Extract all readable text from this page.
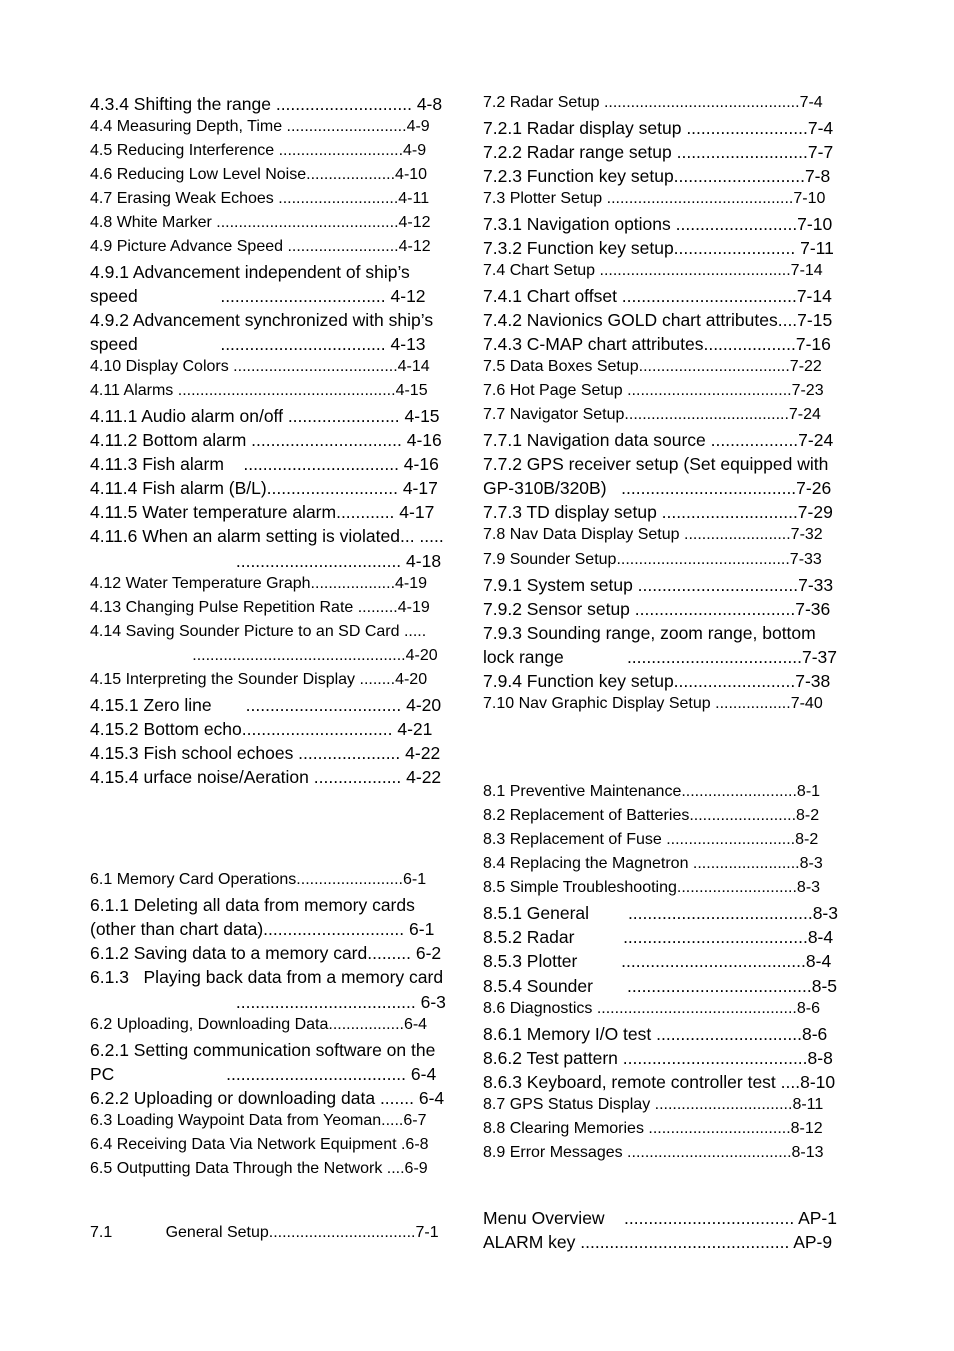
4.3.4 Shifting the range ............................ 4-8
4.4 Measuring Depth, Time ...........................4-9
4.5 Reducing Interference ............................4-9
4.6 Reducing Low Level Noise....................4-10
4.7 Erasing Weak Echoes ...........................4-11
4.8 White Marker .........................................4-12
4.9 Picture Advance Speed .........................4-12
4.9.1 Advancement independent of ship’s
speed                 .................................. 4-12
4.9.2 Advancement synchronized with ship’s
speed                 .................................. 4-13
4.10 Display Colors .....................................4-14
4.11 Alarms .................................................4-15
4.11.1 Audio alarm on/off ....................... 4-15
4.11.2 Bottom alarm ............................... 4-16
4.11.3 Fish alarm    ................................ 4-16
4.11.4 Fish alarm (B/L)........................... 4-17
4.11.5 Water temperature alarm............ 4-17
4.11.6 When an alarm setting is violated... .....
.................................. 4-18
4.12 Water Temperature Graph...................4-19
4.13 Changing Pulse Repetition Rate .........4-19
4.14 Saving Sounder Picture to an SD Card .....
................................................4-20
4.15 Interpreting the Sounder Display ........4-20
4.15.1 Zero line       ................................ 4-20
4.15.2 Bottom echo............................... 4-21
4.15.3 Fish school echoes ..................... 4-22
4.15.4 urface noise/Aeration .................. 4-22
6.1 Memory Card Operations........................6-1
6.1.1 Deleting all data from memory cards
(other than chart data)............................. 6-1
6.1.2 Saving data to a memory card......... 6-2
6.1.3   Playing back data from a memory card
..................................... 6-3
6.2 Uploading, Downloading Data.................6-4
6.2.1 Setting communication software on the
PC                       ..................................... 6-4
6.2.2 Uploading or downloading data ....... 6-4
6.3 Loading Waypoint Data from Yeoman.....6-7
6.4 Receiving Data Via Network Equipment .6-8
6.5 Outputting Data Through the Network ....6-9
7.1            General Setup.................................7-1
7.2 Radar Setup ............................................7-4
7.2.1 Radar display setup .........................7-4
7.2.2 Radar range setup ...........................7-7
7.2.3 Function key setup...........................7-8
7.3 Plotter Setup ..........................................7-10
7.3.1 Navigation options .........................7-10
7.3.2 Function key setup......................... 7-11
7.4 Chart Setup ...........................................7-14
7.4.1 Chart offset ....................................7-14
7.4.2 Navionics GOLD chart attributes....7-15
7.4.3 C-MAP chart attributes...................7-16
7.5 Data Boxes Setup..................................7-22
7.6 Hot Page Setup .....................................7-23
7.7 Navigator Setup.....................................7-24
7.7.1 Navigation data source ..................7-24
7.7.2 GPS receiver setup (Set equipped with
GP-310B/320B)   ....................................7-26
7.7.3 TD display setup ............................7-29
7.8 Nav Data Display Setup ........................7-32
7.9 Sounder Setup.......................................7-33
7.9.1 System setup .................................7-33
7.9.2 Sensor setup .................................7-36
7.9.3 Sounding range, zoom range, bottom
lock range             ....................................7-37
7.9.4 Function key setup.........................7-38
7.10 Nav Graphic Display Setup .................7-40
8.1 Preventive Maintenance..........................8-1
8.2 Replacement of Batteries........................8-2
8.3 Replacement of Fuse .............................8-2
8.4 Replacing the Magnetron ........................8-3
8.5 Simple Troubleshooting...........................8-3
8.5.1 General        ......................................8-3
8.5.2 Radar          ......................................8-4
8.5.3 Plotter         ......................................8-4
8.5.4 Sounder       ......................................8-5
8.6 Diagnostics .............................................8-6
8.6.1 Memory I/O test ..............................8-6
8.6.2 Test pattern ......................................8-8
8.6.3 Keyboard, remote controller test ....8-10
8.7 GPS Status Display ...............................8-11
8.8 Clearing Memories ................................8-12
8.9 Error Messages .....................................8-13
Menu Overview    ................................... AP-1
ALARM key ........................................... AP-9
